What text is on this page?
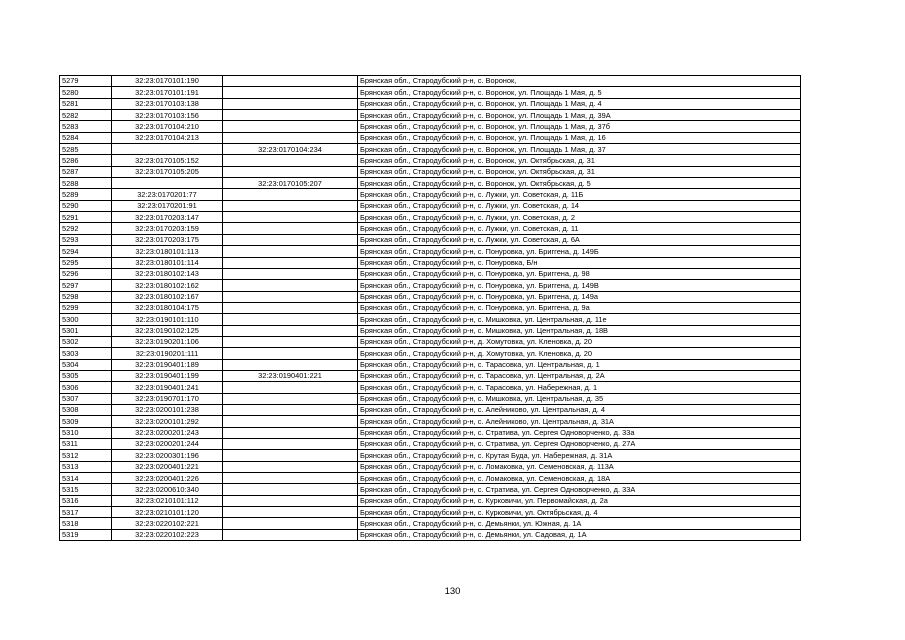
5279	32:23:0170101:190		Брянская обл., Стародубский р-н, с. Воронок,
5280	32:23:0170101:191		Брянская обл., Стародубский р-н, с. Воронок, ул. Площадь 1 Мая, д. 5
5281	32:23:0170103:138		Брянская обл., Стародубский р-н, с. Воронок, ул. Площадь 1 Мая, д. 4
5282	32:23:0170103:156		Брянская обл., Стародубский р-н, с. Воронок, ул. Площадь 1 Мая, д. 39А
5283	32:23:0170104:210		Брянская обл., Стародубский р-н, с. Воронок, ул. Площадь 1 Мая, д. 37б
5284	32:23:0170104:213		Брянская обл., Стародубский р-н, с. Воронок, ул. Площадь 1 Мая, д. 16
5285		32:23:0170104:234	Брянская обл., Стародубский р-н, с. Воронок, ул. Площадь 1 Мая, д. 37
5286	32:23:0170105:152		Брянская обл., Стародубский р-н, с. Воронок, ул. Октябрьская, д. 31
5287	32:23:0170105:205		Брянская обл., Стародубский р-н, с. Воронок, ул. Октябрьская, д. 31
5288		32:23:0170105:207	Брянская обл., Стародубский р-н, с. Воронок, ул. Октябрьская, д. 5
5289	32:23:0170201:77		Брянская обл., Стародубский р-н, с. Лужки, ул. Советская, д. 11Б
5290	32:23:0170201:91		Брянская обл., Стародубский р-н, с. Лужки, ул. Советская, д. 14
5291	32:23:0170203:147		Брянская обл., Стародубский р-н, с. Лужки, ул. Советская, д. 2
5292	32:23:0170203:159		Брянская обл., Стародубский р-н, с. Лужки, ул. Советская, д. 11
5293	32:23:0170203:175		Брянская обл., Стародубский р-н, с. Лужки, ул. Советская, д. 6А
5294	32:23:0180101:113		Брянская обл., Стародубский р-н, с. Понуровка, ул. Бриггена, д. 149Б
5295	32:23:0180101:114		Брянская обл., Стародубский р-н, с. Понуровка, Б/н
5296	32:23:0180102:143		Брянская обл., Стародубский р-н, с. Понуровка, ул. Бриггена, д. 98
5297	32:23:0180102:162		Брянская обл., Стародубский р-н, с. Понуровка, ул. Бриггена, д. 149В
5298	32:23:0180102:167		Брянская обл., Стародубский р-н, с. Понуровка, ул. Бриггена, д. 149а
5299	32:23:0180104:175		Брянская обл., Стародубский р-н, с. Понуровка, ул. Бриггена, д. 9а
5300	32:23:0190101:110		Брянская обл., Стародубский р-н, с. Мишковка, ул. Центральная, д. 11е
5301	32:23:0190102:125		Брянская обл., Стародубский р-н, с. Мишковка, ул. Центральная, д. 18В
5302	32:23:0190201:106		Брянская обл., Стародубский р-н, д. Хомутовка, ул. Кленовка, д. 20
5303	32:23:0190201:111		Брянская обл., Стародубский р-н, д. Хомутовка, ул. Кленовка, д. 20
5304	32:23:0190401:189		Брянская обл., Стародубский р-н, с. Тарасовка, ул. Центральная, д. 1
5305	32:23:0190401:199	32:23:0190401:221	Брянская обл., Стародубский р-н, с. Тарасовка, ул. Центральная, д. 2А
5306	32:23:0190401:241		Брянская обл., Стародубский р-н, с. Тарасовка, ул. Набережная, д. 1
5307	32:23:0190701:170		Брянская обл., Стародубский р-н, с. Мишковка, ул. Центральная, д. 35
5308	32:23:0200101:238		Брянская обл., Стародубский р-н, с. Алейниково, ул. Центральная, д. 4
5309	32:23:0200101:292		Брянская обл., Стародубский р-н, с. Алейниково, ул. Центральная, д. 31А
5310	32:23:0200201:243		Брянская обл., Стародубский р-н, с. Стратива, ул. Сергея Одноворченко, д. 33а
5311	32:23:0200201:244		Брянская обл., Стародубский р-н, с. Стратива, ул. Сергея Одноворченко, д. 27А
5312	32:23:0200301:196		Брянская обл., Стародубский р-н, с. Крутая Буда, ул. Набережная, д. 31А
5313	32:23:0200401:221		Брянская обл., Стародубский р-н, с. Ломаковка, ул. Семеновская, д. 113А
5314	32:23:0200401:226		Брянская обл., Стародубский р-н, с. Ломаковка, ул. Семеновская, д. 18А
5315	32:23:0200610:340		Брянская обл., Стародубский р-н, с. Стратива, ул. Сергея Одноворченко, д. 33А
5316	32:23:0210101:112		Брянская обл., Стародубский р-н, с. Курковичи, ул. Первомайская, д. 2а
5317	32:23:0210101:120		Брянская обл., Стародубский р-н, с. Курковичи, ул. Октябрьская, д. 4
5318	32:23:0220102:221		Брянская обл., Стародубский р-н, с. Демьянки, ул. Южная, д. 1А
5319	32:23:0220102:223		Брянская обл., Стародубский р-н, с. Демьянки, ул. Садовая, д. 1А
130
